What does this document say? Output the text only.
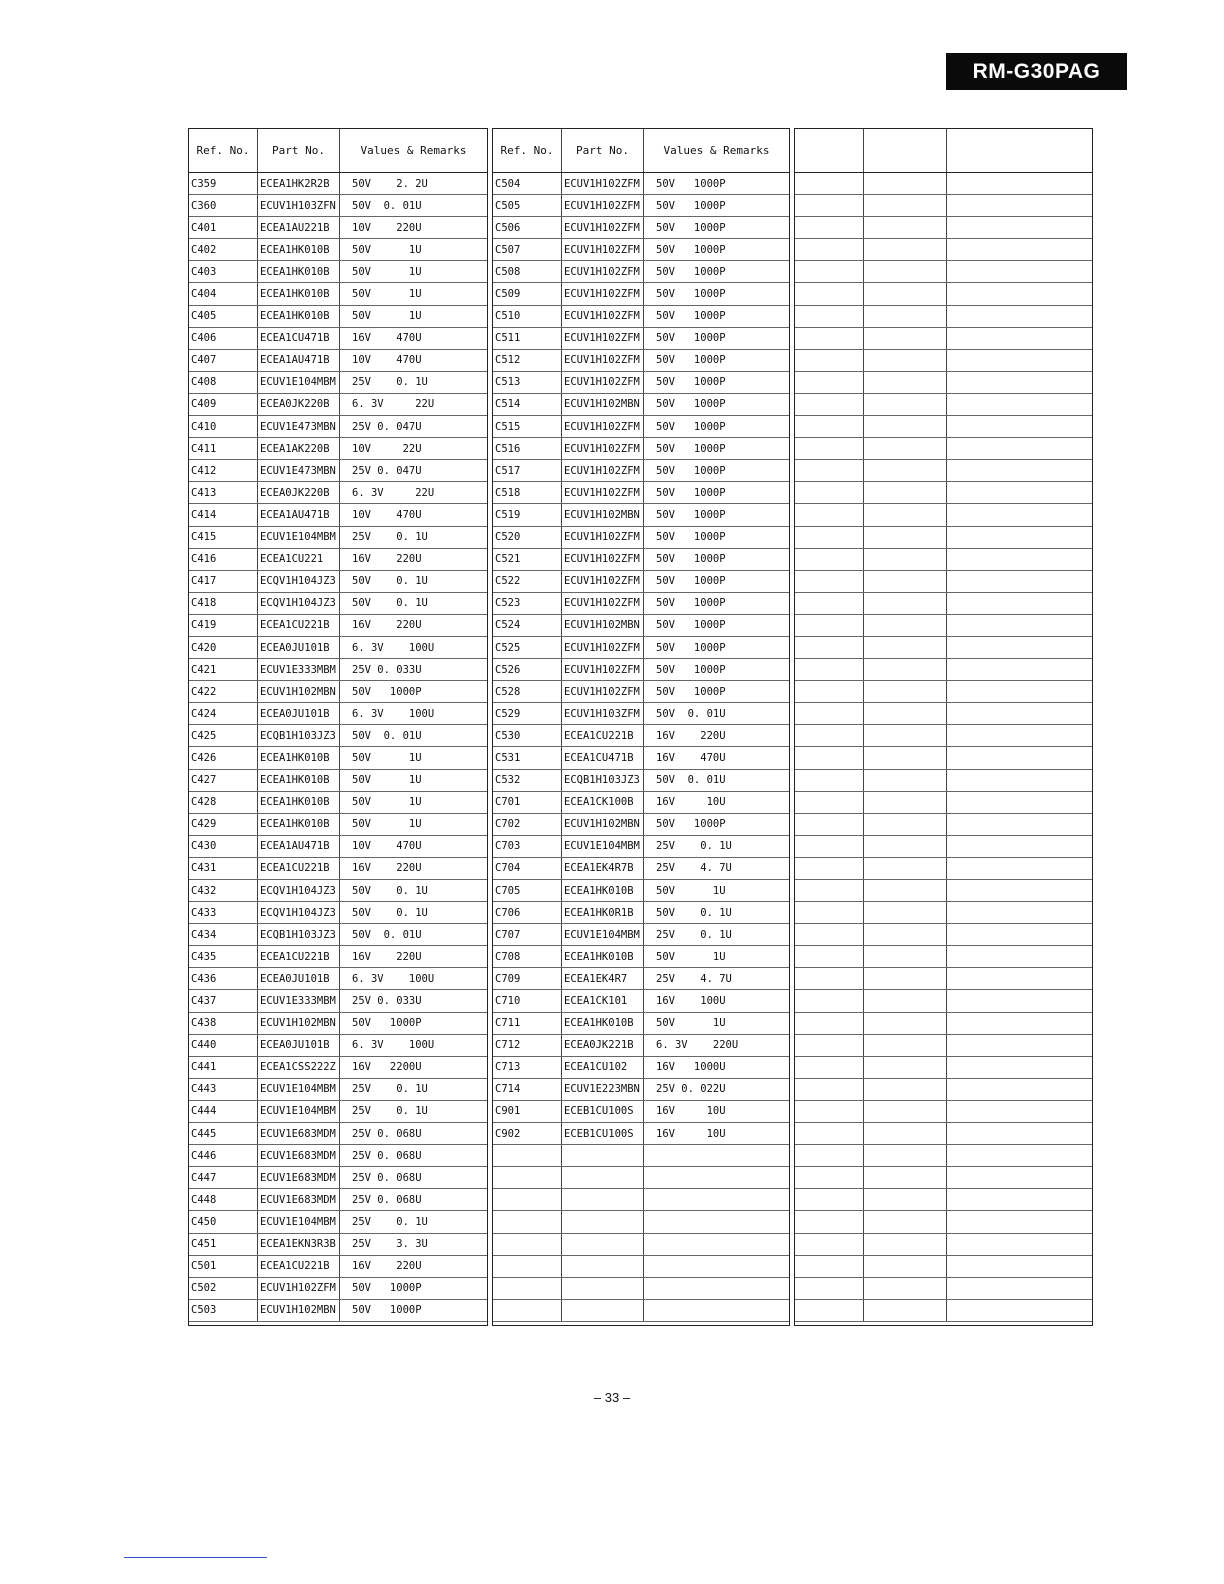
RM-G30PAG
Ref. No.	Part No.	Values & Remarks
C359	ECEA1HK2R2B	50V    2. 2U
C360	ECUV1H103ZFN	50V  0. 01U
C401	ECEA1AU221B	10V    220U
C402	ECEA1HK010B	50V      1U
C403	ECEA1HK010B	50V      1U
C404	ECEA1HK010B	50V      1U
C405	ECEA1HK010B	50V      1U
C406	ECEA1CU471B	16V    470U
C407	ECEA1AU471B	10V    470U
C408	ECUV1E104MBM	25V    0. 1U
C409	ECEA0JK220B	6. 3V     22U
C410	ECUV1E473MBN	25V 0. 047U
C411	ECEA1AK220B	10V     22U
C412	ECUV1E473MBN	25V 0. 047U
C413	ECEA0JK220B	6. 3V     22U
C414	ECEA1AU471B	10V    470U
C415	ECUV1E104MBM	25V    0. 1U
C416	ECEA1CU221	16V    220U
C417	ECQV1H104JZ3	50V    0. 1U
C418	ECQV1H104JZ3	50V    0. 1U
C419	ECEA1CU221B	16V    220U
C420	ECEA0JU101B	6. 3V    100U
C421	ECUV1E333MBM	25V 0. 033U
C422	ECUV1H102MBN	50V   1000P
C424	ECEA0JU101B	6. 3V    100U
C425	ECQB1H103JZ3	50V  0. 01U
C426	ECEA1HK010B	50V      1U
C427	ECEA1HK010B	50V      1U
C428	ECEA1HK010B	50V      1U
C429	ECEA1HK010B	50V      1U
C430	ECEA1AU471B	10V    470U
C431	ECEA1CU221B	16V    220U
C432	ECQV1H104JZ3	50V    0. 1U
C433	ECQV1H104JZ3	50V    0. 1U
C434	ECQB1H103JZ3	50V  0. 01U
C435	ECEA1CU221B	16V    220U
C436	ECEA0JU101B	6. 3V    100U
C437	ECUV1E333MBM	25V 0. 033U
C438	ECUV1H102MBN	50V   1000P
C440	ECEA0JU101B	6. 3V    100U
C441	ECEA1CSS222Z	16V   2200U
C443	ECUV1E104MBM	25V    0. 1U
C444	ECUV1E104MBM	25V    0. 1U
C445	ECUV1E683MDM	25V 0. 068U
C446	ECUV1E683MDM	25V 0. 068U
C447	ECUV1E683MDM	25V 0. 068U
C448	ECUV1E683MDM	25V 0. 068U
C450	ECUV1E104MBM	25V    0. 1U
C451	ECEA1EKN3R3B	25V    3. 3U
C501	ECEA1CU221B	16V    220U
C502	ECUV1H102ZFM	50V   1000P
C503	ECUV1H102MBN	50V   1000P
Ref. No.	Part No.	Values & Remarks
C504	ECUV1H102ZFM	50V   1000P
C505	ECUV1H102ZFM	50V   1000P
C506	ECUV1H102ZFM	50V   1000P
C507	ECUV1H102ZFM	50V   1000P
C508	ECUV1H102ZFM	50V   1000P
C509	ECUV1H102ZFM	50V   1000P
C510	ECUV1H102ZFM	50V   1000P
C511	ECUV1H102ZFM	50V   1000P
C512	ECUV1H102ZFM	50V   1000P
C513	ECUV1H102ZFM	50V   1000P
C514	ECUV1H102MBN	50V   1000P
C515	ECUV1H102ZFM	50V   1000P
C516	ECUV1H102ZFM	50V   1000P
C517	ECUV1H102ZFM	50V   1000P
C518	ECUV1H102ZFM	50V   1000P
C519	ECUV1H102MBN	50V   1000P
C520	ECUV1H102ZFM	50V   1000P
C521	ECUV1H102ZFM	50V   1000P
C522	ECUV1H102ZFM	50V   1000P
C523	ECUV1H102ZFM	50V   1000P
C524	ECUV1H102MBN	50V   1000P
C525	ECUV1H102ZFM	50V   1000P
C526	ECUV1H102ZFM	50V   1000P
C528	ECUV1H102ZFM	50V   1000P
C529	ECUV1H103ZFM	50V  0. 01U
C530	ECEA1CU221B	16V    220U
C531	ECEA1CU471B	16V    470U
C532	ECQB1H103JZ3	50V  0. 01U
C701	ECEA1CK100B	16V     10U
C702	ECUV1H102MBN	50V   1000P
C703	ECUV1E104MBM	25V    0. 1U
C704	ECEA1EK4R7B	25V    4. 7U
C705	ECEA1HK010B	50V      1U
C706	ECEA1HK0R1B	50V    0. 1U
C707	ECUV1E104MBM	25V    0. 1U
C708	ECEA1HK010B	50V      1U
C709	ECEA1EK4R7	25V    4. 7U
C710	ECEA1CK101	16V    100U
C711	ECEA1HK010B	50V      1U
C712	ECEA0JK221B	6. 3V    220U
C713	ECEA1CU102	16V   1000U
C714	ECUV1E223MBN	25V 0. 022U
C901	ECEB1CU100S	16V     10U
C902	ECEB1CU100S	16V     10U
– 33 –
